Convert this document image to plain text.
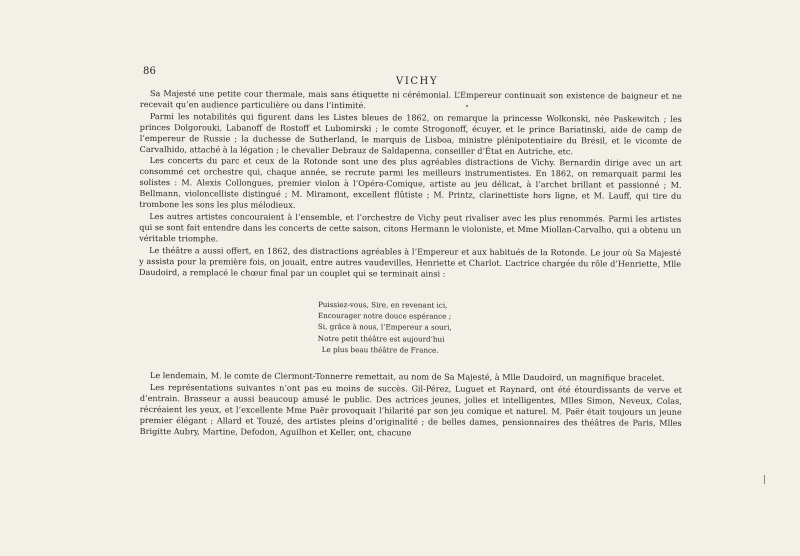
86
VICHY

Sa Majesté une petite cour thermale, mais sans étiquette ni cérémonial. L’Empereur continuait son existence de baigneur et ne recevait qu’en audience particulière ou dans l’intimité.

Parmi les notabilités qui figurent dans les Listes bleues de 1862, on remarque la princesse Wolkonski, née Paskewitch ; les princes Dolgorouki, Labanoff de Rostoff et Lubomirski ; le comte Strogonoff, écuyer, et le prince Bariatinski, aide de camp de l’empereur de Russie ; la duchesse de Sutherland, le marquis de Lisboa, ministre plénipotentiaire du Brésil, et le vicomte de Carvalhido, attaché à la légation ; le chevalier Debrauz de Saldapenna, conseiller d’État en Autriche, etc.

Les concerts du parc et ceux de la Rotonde sont une des plus agréables distractions de Vichy. Bernardin dirige avec un art consommé cet orchestre qui, chaque année, se recrute parmi les meilleurs instrumentistes. En 1862, on remarquait parmi les solistes : M. Alexis Collongues, premier violon à l’Opéra-Comique, artiste au jeu délicat, à l’archet brillant et passionné ; M. Bellmann, violoncelliste distingué ; M. Miramont, excellent flûtiste ; M. Printz, clarinettiste hors ligne, et M. Lauff, qui tire du trombone les sons les plus mélodieux.

Les autres artistes concouraient à l’ensemble, et l’orchestre de Vichy peut rivaliser avec les plus renommés. Parmi les artistes qui se sont fait entendre dans les concerts de cette saison, citons Hermann le violoniste, et Mme Miollan-Carvalho, qui a obtenu un véritable triomphe.

Le théâtre a aussi offert, en 1862, des distractions agréables à l’Empereur et aux habitués de la Rotonde. Le jour où Sa Majesté y assista pour la première fois, on jouait, entre autres vaudevilles, Henriette et Charlot. L’actrice chargée du rôle d’Henriette, Mlle Daudoird, a remplacé le chœur final par un couplet qui se terminait ainsi :

Puissiez-vous, Sire, en revenant ici,
Encourager notre douce espérance ;
Si, grâce à nous, l’Empereur a souri,
Notre petit théâtre est aujourd’hui
Le plus beau théâtre de France.

Le lendemain, M. le comte de Clermont-Tonnerre remettait, au nom de Sa Majesté, à Mlle Daudoird, un magnifique bracelet.

Les représentations suivantes n’ont pas eu moins de succès. Gil-Pérez, Luguet et Raynard, ont été étourdissants de verve et d’entrain. Brasseur a aussi beaucoup amusé le public. Des actrices jeunes, jolies et intelligentes, Mlles Simon, Neveux, Colas, récréaient les yeux, et l’excellente Mme Paër provoquait l’hilarité par son jeu comique et naturel. M. Paër était toujours un jeune premier élégant ; Allard et Touzé, des artistes pleins d’originalité ; de belles dames, pensionnaires des théâtres de Paris, Mlles Brigitte Aubry, Martine, Defodon, Aguilhon et Keller, ont, chacune
